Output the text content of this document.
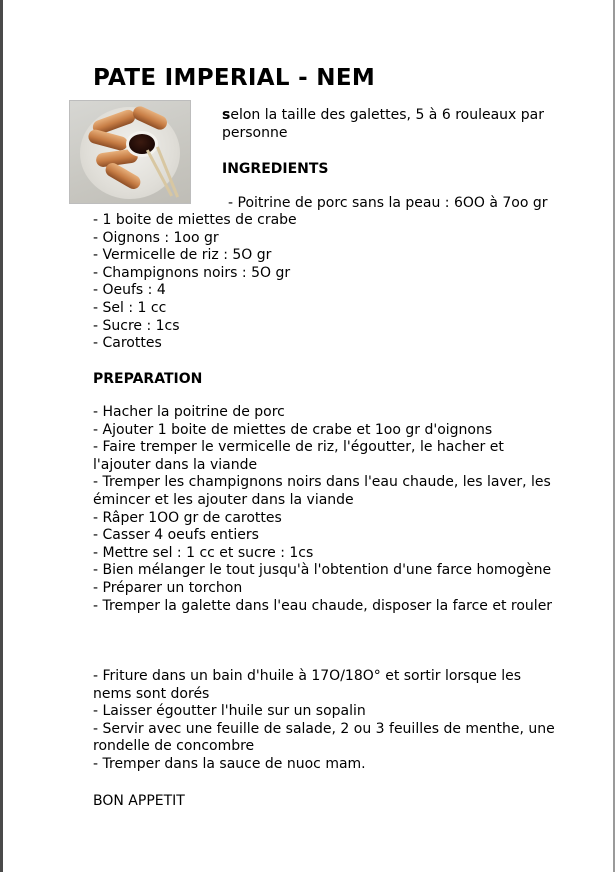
PATE IMPERIAL - NEM

selon la taille des galettes, 5 à 6 rouleaux par personne

INGREDIENTS

- Poitrine de porc sans la peau : 6OO à 7oo gr

- 1 boite de miettes de crabe
- Oignons : 1oo gr
- Vermicelle de riz : 5O gr
- Champignons noirs : 5O gr
- Oeufs : 4
- Sel : 1 cc
- Sucre : 1cs
- Carottes

PREPARATION

- Hacher la poitrine de porc
- Ajouter 1 boite de miettes de crabe et 1oo gr d'oignons
- Faire tremper le vermicelle de riz, l'égoutter, le hacher et l'ajouter dans la viande
- Tremper les champignons noirs dans l'eau chaude, les laver, les émincer et les ajouter dans la viande
- Râper 1OO gr de carottes
- Casser 4 oeufs entiers
- Mettre sel : 1 cc et sucre : 1cs
- Bien mélanger le tout jusqu'à l'obtention d'une farce homogène
- Préparer un torchon
- Tremper la galette dans l'eau chaude, disposer la farce et rouler
- Friture dans un bain d'huile à 17O/18O° et sortir lorsque les nems sont dorés
- Laisser égoutter l'huile sur un sopalin
- Servir avec une feuille de salade, 2 ou 3 feuilles de menthe, une rondelle de concombre
- Tremper dans la sauce de nuoc mam.

BON APPETIT
